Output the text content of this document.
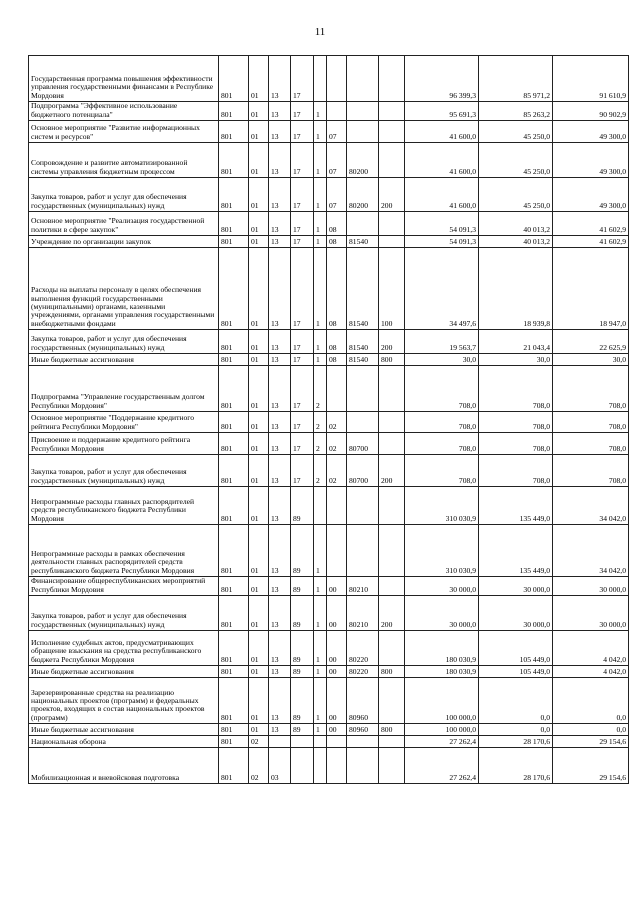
11
Государственная программа повышения эффективности управления государственными финансами в Республике Мордовия	801	01	13	17					96 399,3	85 971,2	91 610,9
Подпрограмма "Эффективное использование бюджетного потенциала"	801	01	13	17	1				95 691,3	85 263,2	90 902,9
Основное мероприятие "Развитие информационных систем и ресурсов"	801	01	13	17	1	07			41 600,0	45 250,0	49 300,0
Сопровождение и развитие автоматизированной системы управления бюджетным процессом	801	01	13	17	1	07	80200		41 600,0	45 250,0	49 300,0
Закупка товаров, работ и услуг для обеспечения государственных (муниципальных) нужд	801	01	13	17	1	07	80200	200	41 600,0	45 250,0	49 300,0
Основное мероприятие "Реализация государственной политики в сфере закупок"	801	01	13	17	1	08			54 091,3	40 013,2	41 602,9
Учреждение по организации закупок	801	01	13	17	1	08	81540		54 091,3	40 013,2	41 602,9
Расходы на выплаты персоналу в целях обеспечения выполнения функций государственными (муниципальными) органами, казенными учреждениями, органами управления государственными внебюджетными фондами	801	01	13	17	1	08	81540	100	34 497,6	18 939,8	18 947,0
Закупка товаров, работ и услуг для обеспечения государственных (муниципальных) нужд	801	01	13	17	1	08	81540	200	19 563,7	21 043,4	22 625,9
Иные бюджетные ассигнования	801	01	13	17	1	08	81540	800	30,0	30,0	30,0
Подпрограмма "Управление государственным долгом Республики Мордовия"	801	01	13	17	2				708,0	708,0	708,0
Основное мероприятие "Поддержание кредитного рейтинга Республики Мордовия"	801	01	13	17	2	02			708,0	708,0	708,0
Присвоение и поддержание кредитного рейтинга Республики Мордовия	801	01	13	17	2	02	80700		708,0	708,0	708,0
Закупка товаров, работ и услуг для обеспечения государственных (муниципальных) нужд	801	01	13	17	2	02	80700	200	708,0	708,0	708,0
Непрограммные расходы главных распорядителей средств республиканского бюджета Республики Мордовия	801	01	13	89					310 030,9	135 449,0	34 042,0
Непрограммные расходы в рамках обеспечения деятельности главных распорядителей средств республиканского бюджета Республики Мордовия	801	01	13	89	1				310 030,9	135 449,0	34 042,0
Финансирование общереспубликанских мероприятий Республики Мордовия	801	01	13	89	1	00	80210		30 000,0	30 000,0	30 000,0
Закупка товаров, работ и услуг для обеспечения государственных (муниципальных) нужд	801	01	13	89	1	00	80210	200	30 000,0	30 000,0	30 000,0
Исполнение судебных актов, предусматривающих обращение взыскания на средства республиканского бюджета Республики Мордовия	801	01	13	89	1	00	80220		180 030,9	105 449,0	4 042,0
Иные бюджетные ассигнования	801	01	13	89	1	00	80220	800	180 030,9	105 449,0	4 042,0
Зарезервированные средства на реализацию национальных проектов (программ) и федеральных проектов, входящих в состав национальных проектов (программ)	801	01	13	89	1	00	80960		100 000,0	0,0	0,0
Иные бюджетные ассигнования	801	01	13	89	1	00	80960	800	100 000,0	0,0	0,0
Национальная оборона	801	02							27 262,4	28 170,6	29 154,6
Мобилизационная и вневойсковая подготовка	801	02	03						27 262,4	28 170,6	29 154,6
